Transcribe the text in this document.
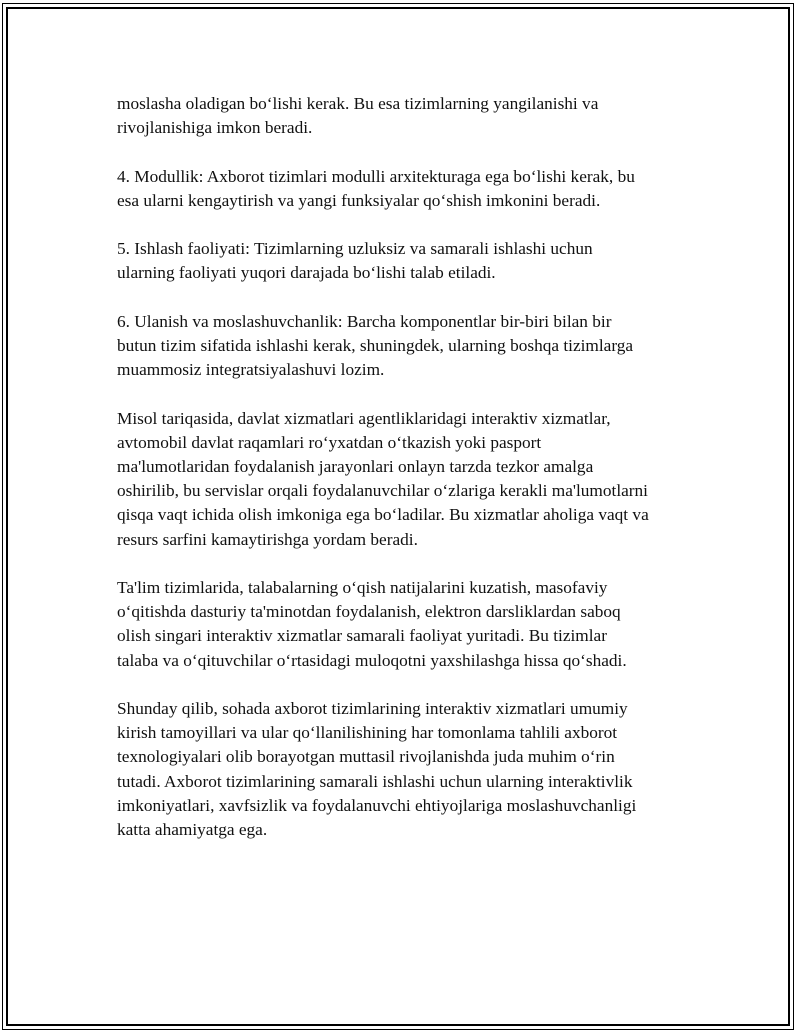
moslasha oladigan bo‘lishi kerak. Bu esa tizimlarning yangilanishi va
rivojlanishiga imkon beradi.

4. Modullik: Axborot tizimlari modulli arxitekturaga ega bo‘lishi kerak, bu
esa ularni kengaytirish va yangi funksiyalar qo‘shish imkonini beradi.

5. Ishlash faoliyati: Tizimlarning uzluksiz va samarali ishlashi uchun
ularning faoliyati yuqori darajada bo‘lishi talab etiladi.

6. Ulanish va moslashuvchanlik: Barcha komponentlar bir-biri bilan bir
butun tizim sifatida ishlashi kerak, shuningdek, ularning boshqa tizimlarga
muammosiz integratsiyalashuvi lozim.

Misol tariqasida, davlat xizmatlari agentliklaridagi interaktiv xizmatlar,
avtomobil davlat raqamlari ro‘yxatdan o‘tkazish yoki pasport
ma'lumotlaridan foydalanish jarayonlari onlayn tarzda tezkor amalga
oshirilib, bu servislar orqali foydalanuvchilar o‘zlariga kerakli ma'lumotlarni
qisqa vaqt ichida olish imkoniga ega bo‘ladilar. Bu xizmatlar aholiga vaqt va
resurs sarfini kamaytirishga yordam beradi.

Ta'lim tizimlarida, talabalarning o‘qish natijalarini kuzatish, masofaviy
o‘qitishda dasturiy ta'minotdan foydalanish, elektron darsliklardan saboq
olish singari interaktiv xizmatlar samarali faoliyat yuritadi. Bu tizimlar
talaba va o‘qituvchilar o‘rtasidagi muloqotni yaxshilashga hissa qo‘shadi.

Shunday qilib, sohada axborot tizimlarining interaktiv xizmatlari umumiy
kirish tamoyillari va ular qo‘llanilishining har tomonlama tahlili axborot
texnologiyalari olib borayotgan muttasil rivojlanishda juda muhim o‘rin
tutadi. Axborot tizimlarining samarali ishlashi uchun ularning interaktivlik
imkoniyatlari, xavfsizlik va foydalanuvchi ehtiyojlariga moslashuvchanligi
katta ahamiyatga ega.
